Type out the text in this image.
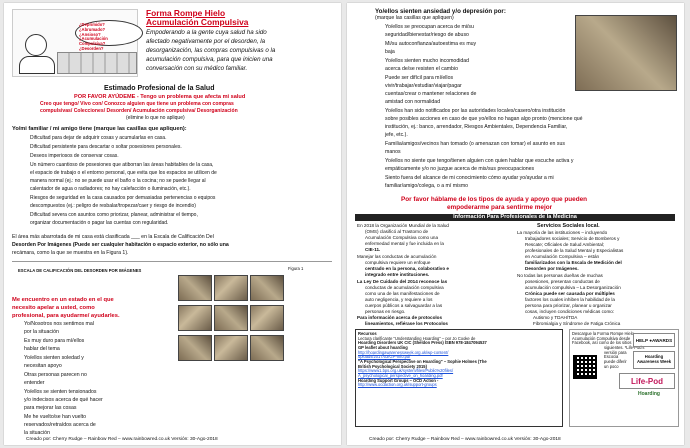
¿Deprimido?
¿Abrumado?
¿Ansioso?
¿Acumulación
Compulsiva?
¿Desorden?
Forma Rompe Hielo
Acumulación Compulsiva
Empoderando a la gente cuya salud ha sido
afectado negativamente por el desorden, la
desorganización, las compras compulsivas o la
acumulación compulsiva, para que inicien una
conversación con su médico familiar.
Estimado Profesional de la Salud
POR FAVOR AYÚDEME - Tengo un problema que afecta mi salud
Creo que tengo/ Vivo con/ Conozco alguien que tiene un problema con compras
compulsivas/ Colecciones/ Desorden/ Acumulación compulsiva/ Desorganización
(elimine lo que no aplique)
Yo/mi familiar / mi amigo tiene (marque las casillas que apliquen):
Dificultad para dejar de adquirir cosas y acumularlas en casa.
Dificultad persistente para descartar o soltar posesiones personales.
Deseos imperiosos de conservar cosas.
Un número cuantioso de posesiones que atiborran las áreas habitables de la casa,
el espacio de trabajo o el entorno personal, que evita que los espacios se utilicen de
manera normal (ej.: no se puede usar el baño o la cocina; no se puede llegar al
calentador de agua o radiadores; no hay calefacción o iluminación, etc.).
Riesgos de seguridad en la casa causados por demasiadas pertenencias o equipos
descompuestos (ej.: peligro de resbalar/tropezar/caer y riesgo de incendio)
Dificultad severa con asuntos como priorizar, planear, administrar el tiempo,
organizar documentación o pagar las cuentas con regularidad.
El área más abarrotada de mi casa está clasificada ___ en la Escala de Calificación Del
Desorden Por Imágenes (Puede ser cualquier habitación o espacio exterior, no sólo una
recámara, como la que se muestra en la Figura 1).
ESCALA DE CALIFICACIÓN DEL DESORDEN POR IMÁGENES	Figura 1
Me encuentro en un estado en el que
necesito apelar a usted, como
profesional, para ayudarme/ ayudarles.
Yo/Nosotros nos sentimos mal
por la situación
Es muy duro para mí/ellos
hablar del tema
Yo/ellos sienten soledad y
necesitan apoyo
Otras personas parecen no
entender
Yo/ellos se sienten tensionados
y/o indecisos acerca de qué hacer
para mejorar las cosas
Me he vuelto/se han vuelto
reservados/retraídos acerca de
la situación
Creado por: Cherry Rudge – Rainbow Red – www.rainbowred.co.uk Versión: 30-Ago-2018
Yo/ellos sienten ansiedad y/o depresión por:
(marque las casillas que apliquen)
Yo/ellos se preocupan acerca de mi/su
seguridad/bienestar/riesgo de abuso
Mi/su autoconfianza/autoestima es muy
baja
Yo/ellos sienten mucho incomodidad
acerca de/se resisten el cambio
Puede ser difícil para mí/ellos
vivir/trabajar/estudiar/viajar/pagar
cuentas/crear o mantener relaciones de
amistad con normalidad
Yo/ellos han sido notificados por las autoridades locales/casero/otra institución
sobre posibles acciones en caso de que yo/ellos no hagan algo pronto (mencione qué
institución, ej.: banco, arrendador, Riesgos Ambientales, Dependencia Familiar,
jefe, etc.).
Familia/amigos/vecinos han tomado (o amenazan con tomar) el asunto en sus
manos
Yo/ellos no siente que tengo/tienen alguien con quien hablar que escuche activa y
empáticamente y/o no juzgue acerca de mis/sus preocupaciones
Siento fuera del alcance de mi conocimiento cómo ayudar yo/ayudar a mi
familiar/amigo/colega, o a mí mismo
Por favor háblame de los tipos de ayuda y apoyo que pueden
empoderarme para sentirme mejor
Información Para Profesionales de la Medicina
En 2018 la Organización Mundial de la Salud
(OMS) clasificó al Trastorno de
Acumulación Compulsiva como una
enfermedad mental y fue incluida en la
CIE-11.
Manejar las conductas de acumulación
compulsiva requiere un enfoque
centrado en la persona, colaborativo e
integrado entre instituciones.
La Ley De Cuidado del 2014 reconoce las
conductas de acumulación compulsiva
como una de las manifestaciones de
auto negligencia, y requiere a los
cuerpos públicos a salvaguardar a las
personas en riesgo.
Para información acerca de protocolos
lineamientos, refiérase los Protocolos
Servicios Sociales local.
La mayoría de las instituciones – incluyendo
trabajadores sociales; Servicio de Bomberos y
Rescate; Oficiales de Salud Ambiental;
profesionales de la Salud Mental y Especialistas
en Acumulación Compulsiva – están
familiarizados con la Escala de Medición del
Desorden por Imágenes.
No todas las personas dueñas de muchas
posesiones, presentan conductas de
acumulación compulsiva – La Desorganización
Crónica puede ser causada por múltiples
factores los cuales inhiben la habilidad de la
persona para priorizar, planear u organizar
cosas, incluyen condiciones médicas como:
Autismo y TDAH/TDA
Fibromialgia y Síndrome de Fatiga Crónica
Recursos
Lectura clarificante "Understanding Hoarding" – por Jo Cooke de
Hoarding Disorders UK CIC (Sheldon Press) ISBN 978-1847094537
GP leaflet about hoarding
http://hoardingawarenessweek.org.uk/wp-content/
uploads/2017/03/GP-Info.pdf
"A Psychological Perspective on Hoarding" – Sophie Holmes (The
British Psychological Society 2015)
https://www1.bps.org.uk/system/files/Public%20files/
A_psychological_perspective_on_hoarding.pdf
Hoarding Support Groups – OCD Action -
http://www.ocdaction.org.uk/support-groups
Descargue la Forma Rompe Hielo
Acumulación Compulsiva desde
Facebook, así como de los sitios
siguientes. *Life-Pod's
versión para
Escocia
puede diferir
un poco
HELP ●AWARDS
Hoarding Awareness Week
Life-Pod
Hoarding
Creado por: Cherry Rudge – Rainbow Red – www.rainbowred.co.uk Versión: 30-Ago-2018
